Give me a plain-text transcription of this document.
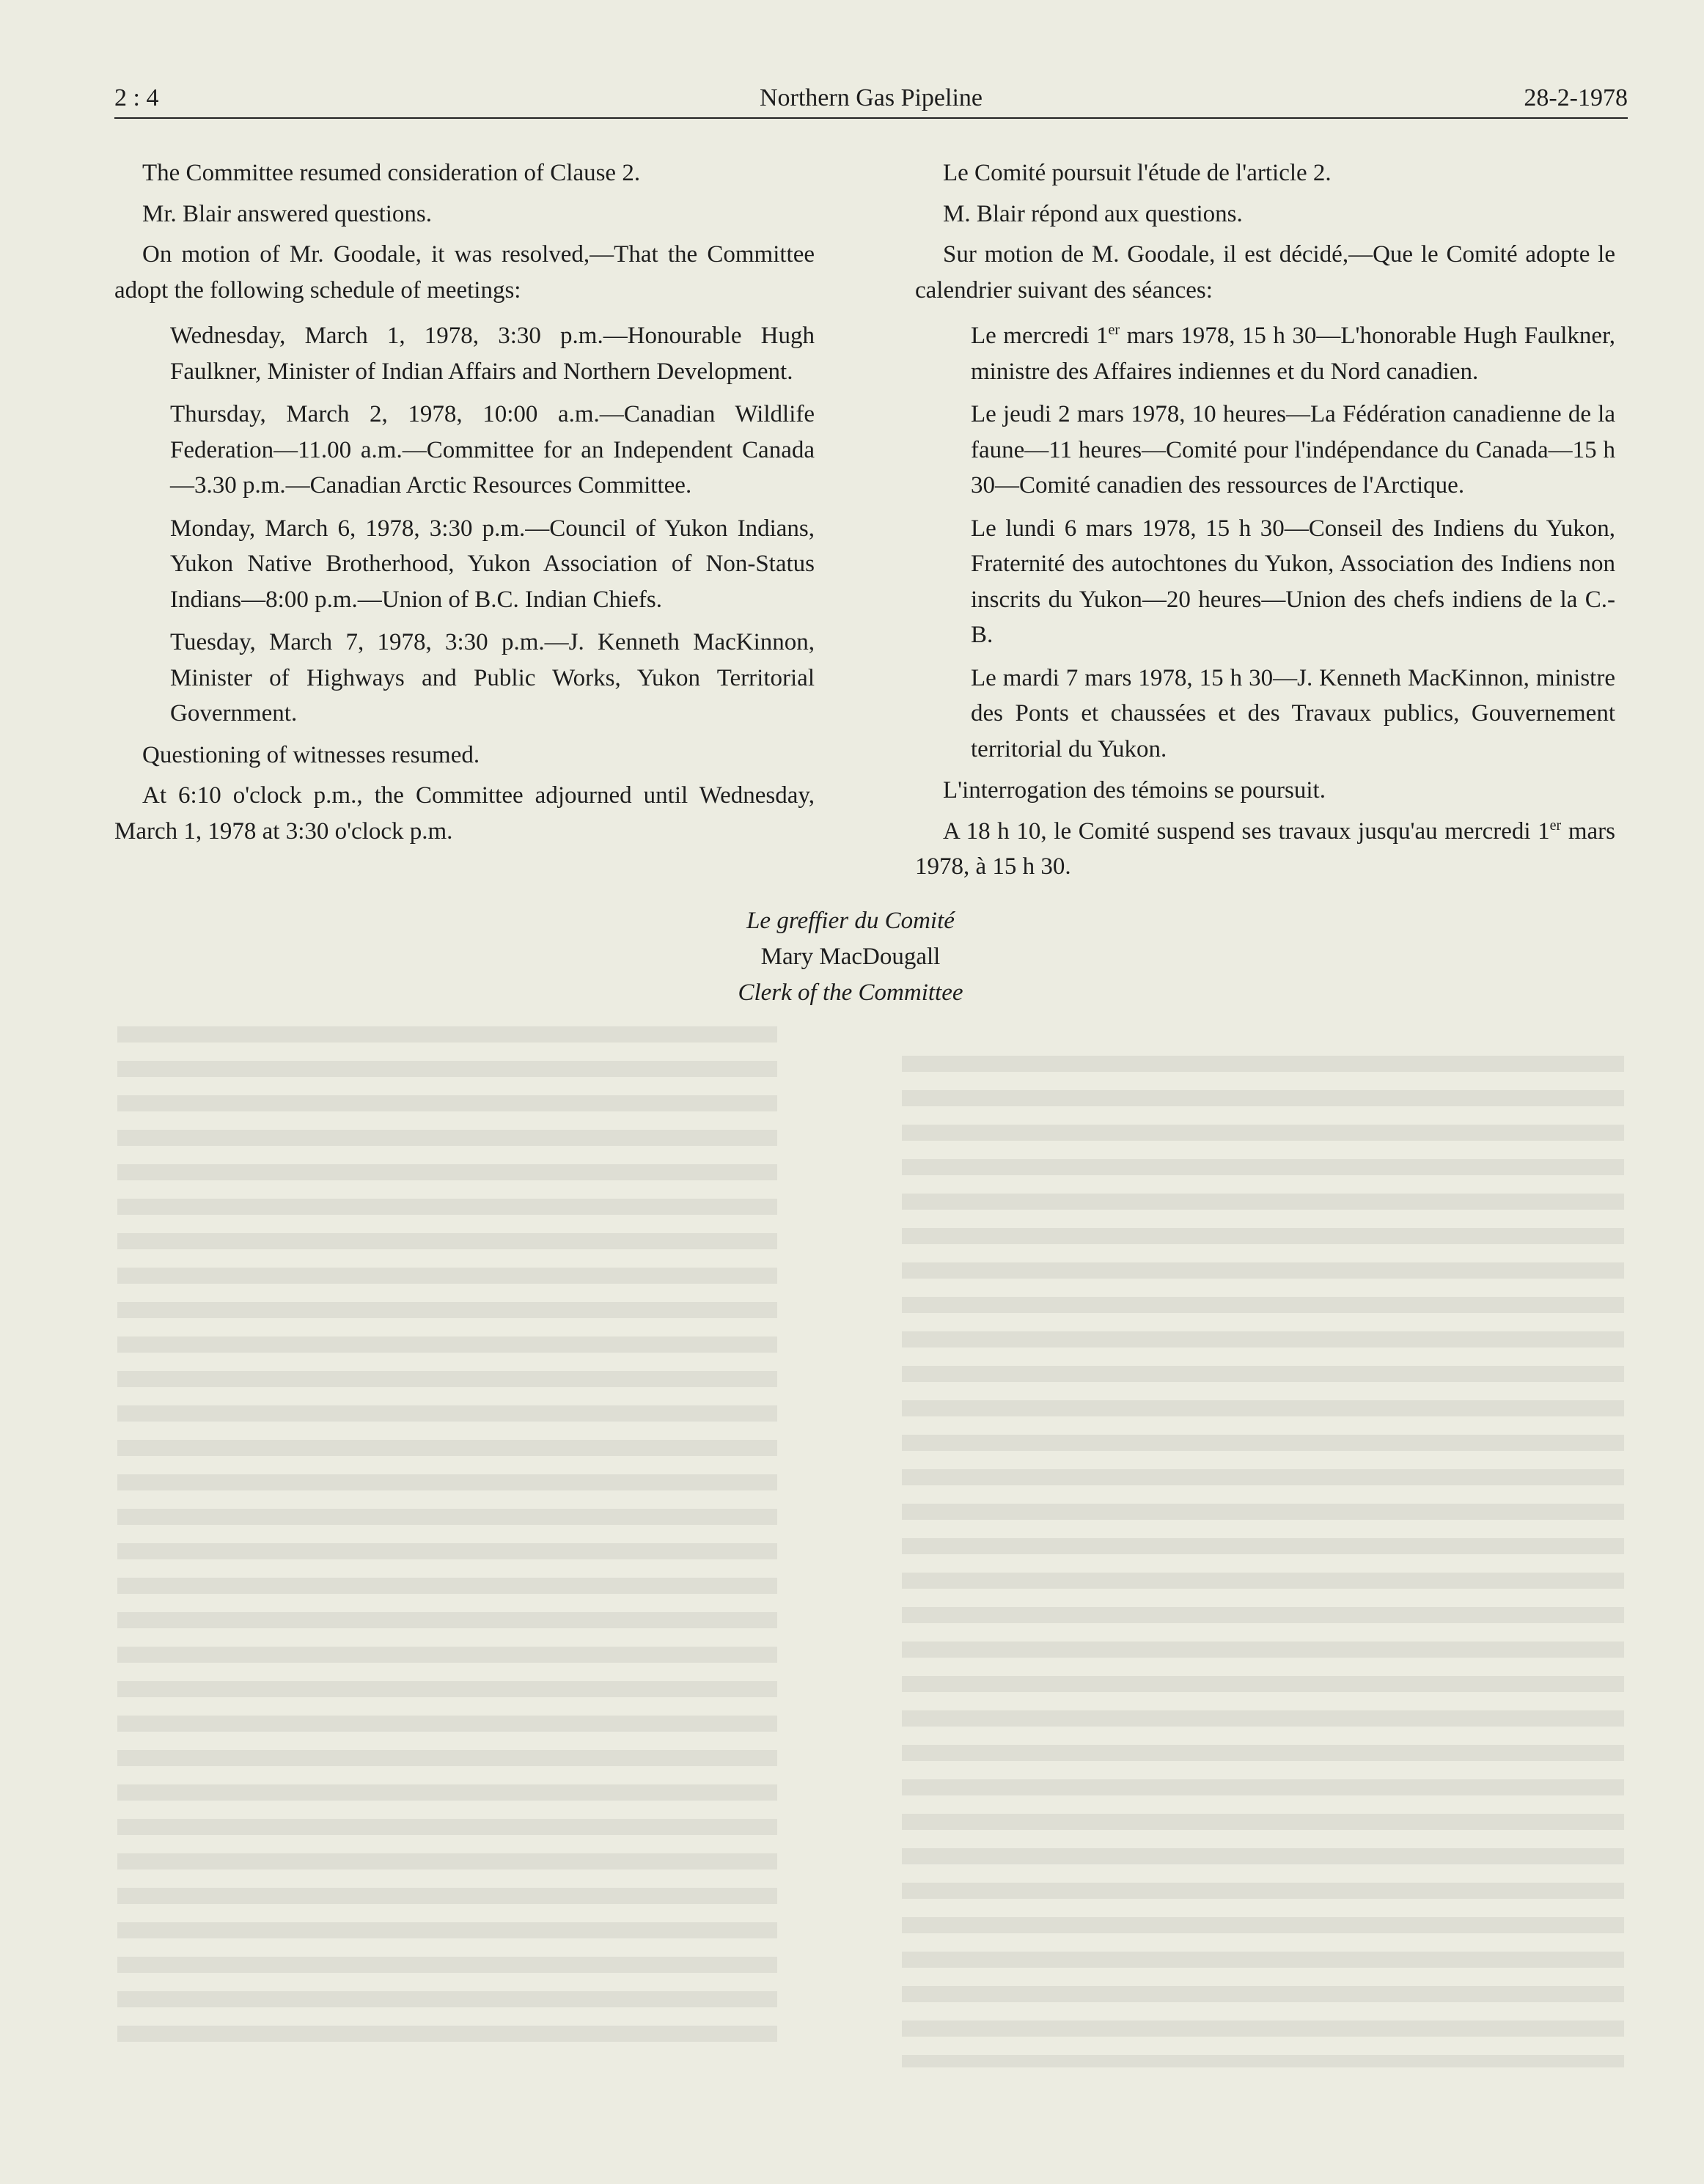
2 : 4	Northern Gas Pipeline	28-2-1978

The Committee resumed consideration of Clause 2.

Mr. Blair answered questions.

On motion of Mr. Goodale, it was resolved,—That the Committee adopt the following schedule of meetings:

Wednesday, March 1, 1978, 3:30 p.m.—Honourable Hugh Faulkner, Minister of Indian Affairs and Northern Development.

Thursday, March 2, 1978, 10:00 a.m.—Canadian Wildlife Federation—11.00 a.m.—Committee for an Independent Canada—3.30 p.m.—Canadian Arctic Resources Committee.

Monday, March 6, 1978, 3:30 p.m.—Council of Yukon Indians, Yukon Native Brotherhood, Yukon Association of Non-Status Indians—8:00 p.m.—Union of B.C. Indian Chiefs.

Tuesday, March 7, 1978, 3:30 p.m.—J. Kenneth MacKinnon, Minister of Highways and Public Works, Yukon Territorial Government.

Questioning of witnesses resumed.

At 6:10 o'clock p.m., the Committee adjourned until Wednesday, March 1, 1978 at 3:30 o'clock p.m.

Le Comité poursuit l'étude de l'article 2.

M. Blair répond aux questions.

Sur motion de M. Goodale, il est décidé,—Que le Comité adopte le calendrier suivant des séances:

Le mercredi 1er mars 1978, 15 h 30—L'honorable Hugh Faulkner, ministre des Affaires indiennes et du Nord canadien.

Le jeudi 2 mars 1978, 10 heures—La Fédération canadienne de la faune—11 heures—Comité pour l'indépendance du Canada—15 h 30—Comité canadien des ressources de l'Arctique.

Le lundi 6 mars 1978, 15 h 30—Conseil des Indiens du Yukon, Fraternité des autochtones du Yukon, Association des Indiens non inscrits du Yukon—20 heures—Union des chefs indiens de la C.-B.

Le mardi 7 mars 1978, 15 h 30—J. Kenneth MacKinnon, ministre des Ponts et chaussées et des Travaux publics, Gouvernement territorial du Yukon.

L'interrogation des témoins se poursuit.

A 18 h 10, le Comité suspend ses travaux jusqu'au mercredi 1er mars 1978, à 15 h 30.

Le greffier du Comité
Mary MacDougall
Clerk of the Committee
